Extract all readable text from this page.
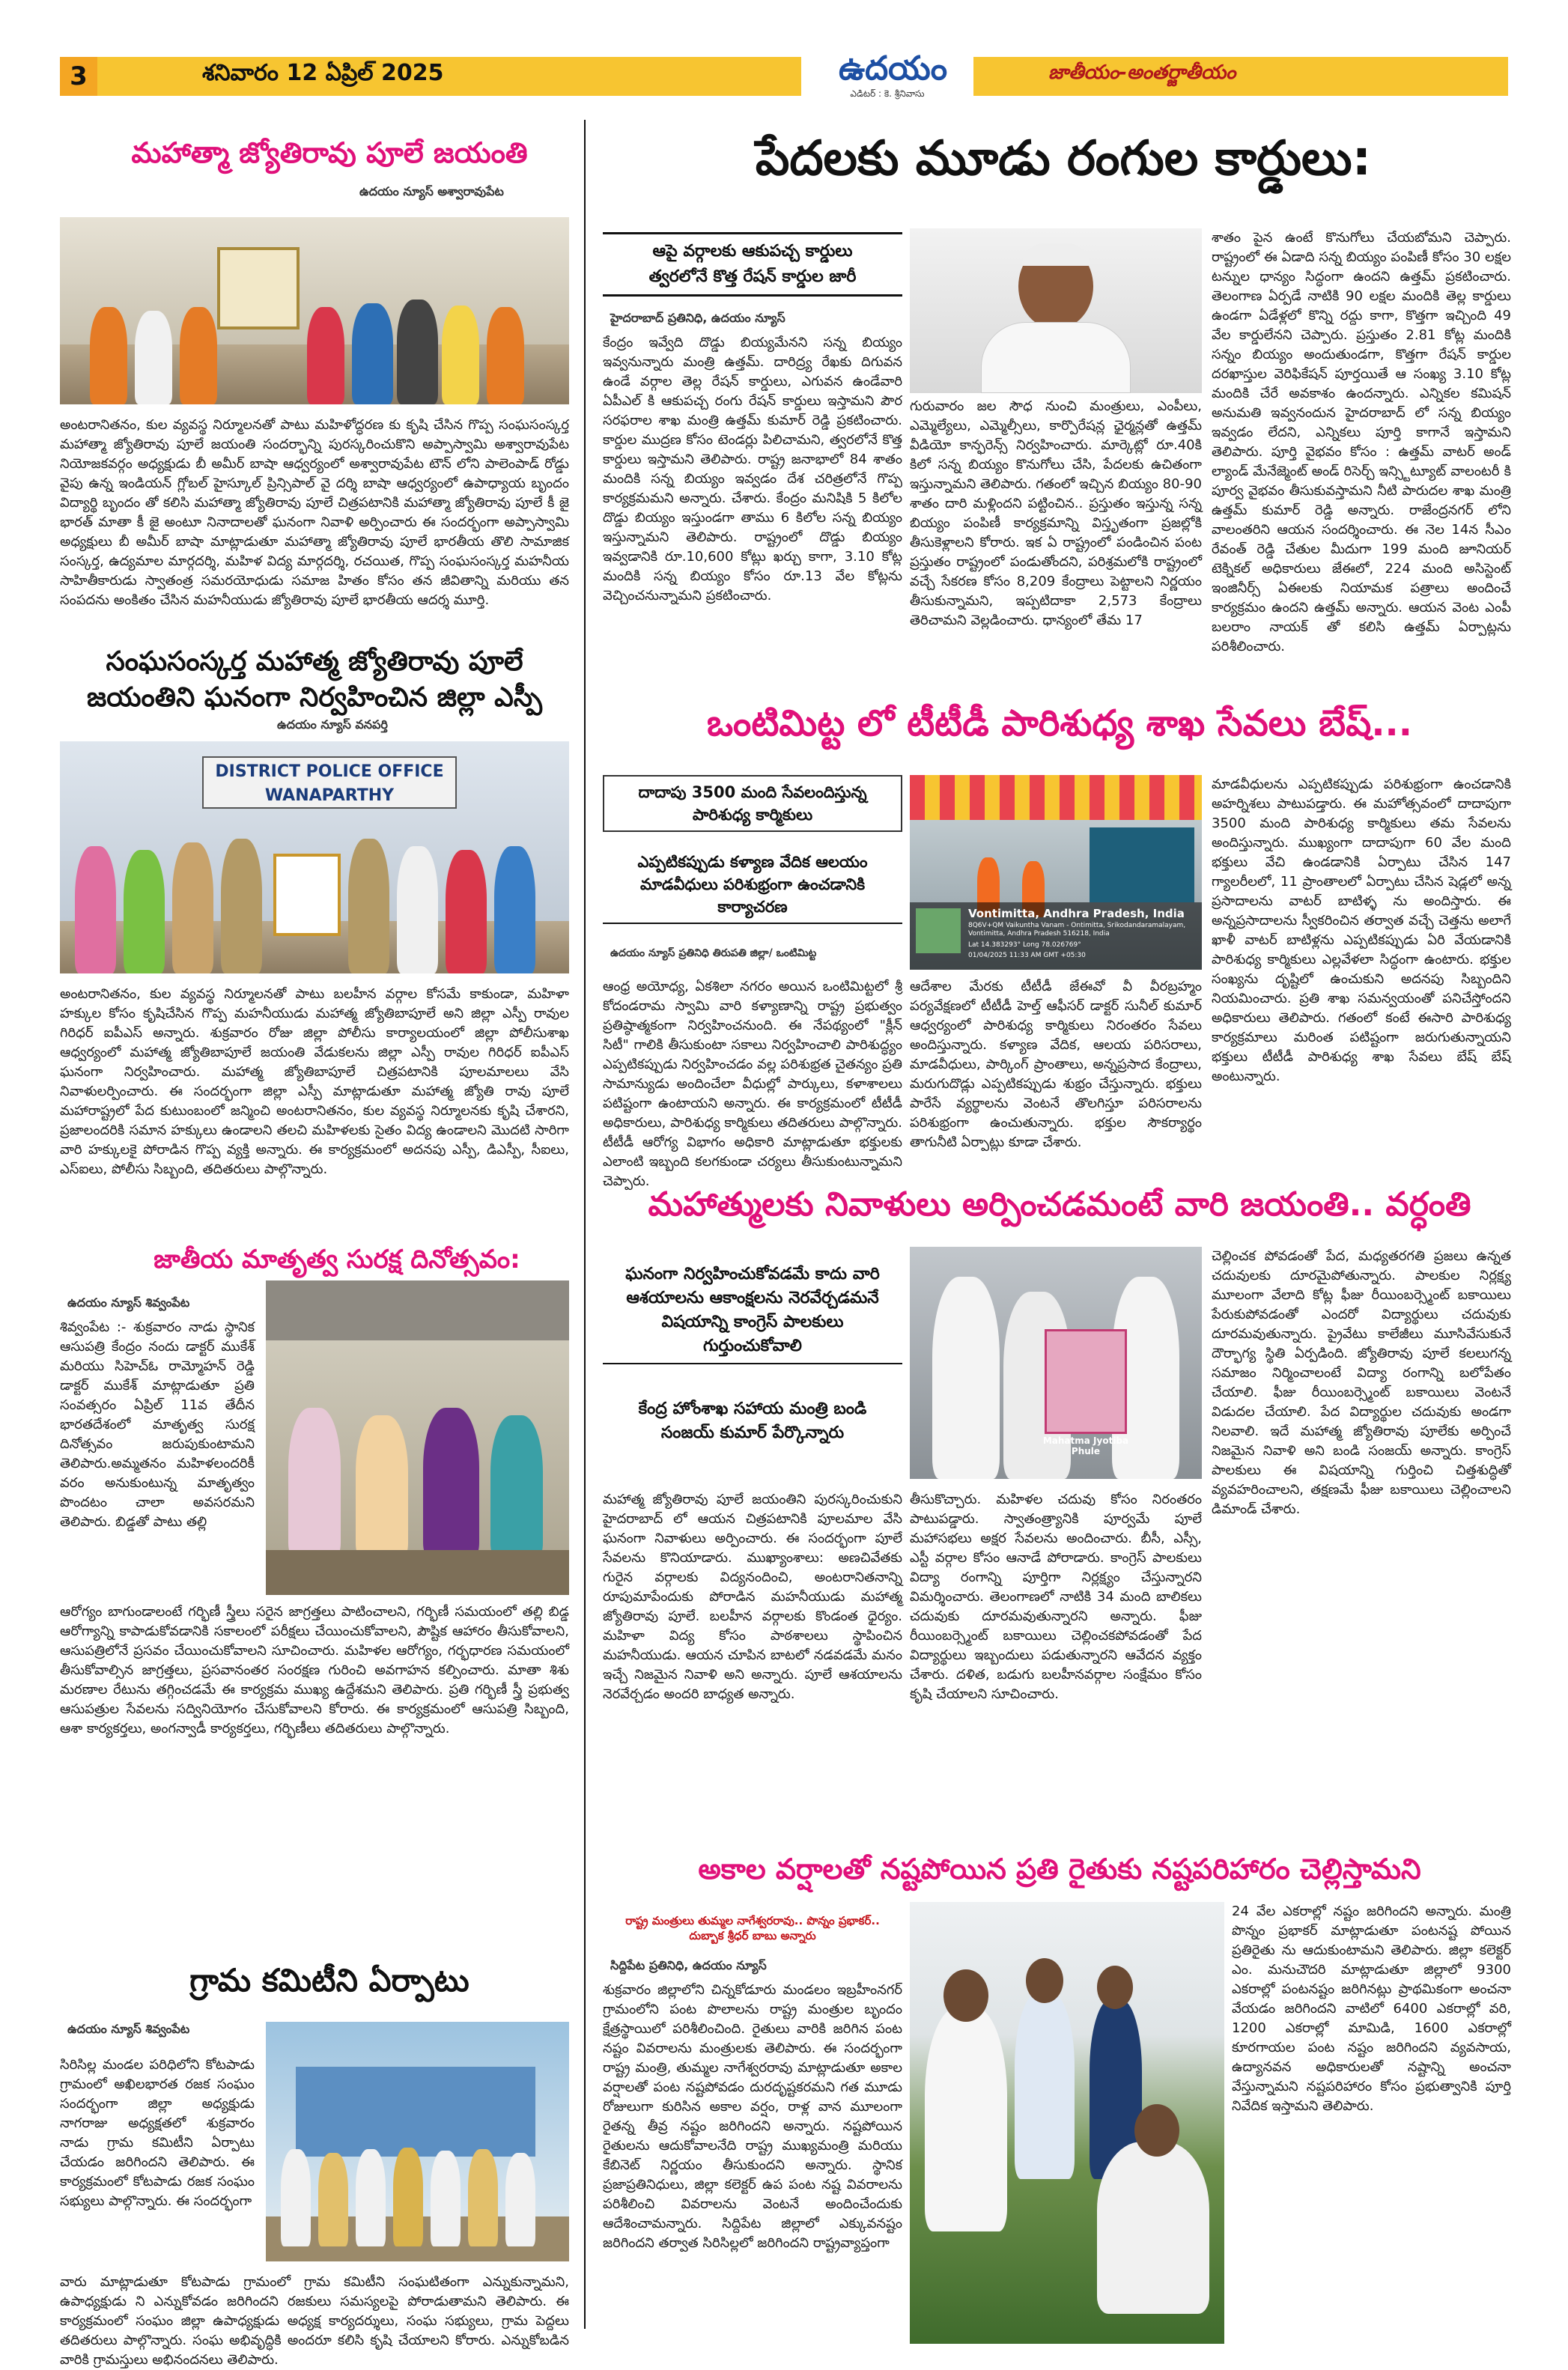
3	శనివారం 12 ఏప్రిల్ 2025	ఉదయం
ఎడిటర్ : కె. శ్రీనివాసు
జాతీయం-అంతర్జాతీయం
మహాత్మా జ్యోతిరావు పూలే జయంతి
ఉదయం న్యూస్ అశ్వారావుపేట
అంటరానితనం, కుల వ్యవస్థ నిర్మూలనతో పాటు మహిళోద్ధరణ కు కృషి చేసిన గొప్ప సంఘసంస్కర్త మహాత్మా జ్యోతిరావు పూలే జయంతి సందర్భాన్ని పురస్కరించుకొని అప్పాస్వామి అశ్వారావుపేట నియోజకవర్గం అధ్యక్షుడు బీ అమీర్ బాషా ఆధ్వర్యంలో అశ్వారావుపేట టౌన్ లోని పాలెంపాడ్ రోడ్డు వైపు ఉన్న ఇండియన్ గ్లోబల్ హైస్కూల్ ప్రిన్సిపాల్ వై దర్శి బాషా ఆధ్వర్యంలో ఉపాధ్యాయ బృందం విద్యార్థి బృందం తో కలిసి మహాత్మా జ్యోతిరావు పూలే చిత్రపటానికి మహాత్మా జ్యోతిరావు పూలే కీ జై భారత్ మాతా కీ జై అంటూ నినాదాలతో ఘనంగా నివాళి అర్పించారు ఈ సందర్భంగా అప్పాస్వామి అధ్యక్షులు బీ అమీర్ బాషా మాట్లాడుతూ మహాత్మా జ్యోతిరావు పూలే భారతీయ తొలి సామాజిక సంస్కర్త, ఉద్యమాల మార్గదర్శి, మహిళ విద్య మార్గదర్శి, రచయిత, గొప్ప సంఘసంస్కర్త మహనీయ సాహితీకారుడు స్వాతంత్ర సమరయోధుడు సమాజ హితం కోసం తన జీవితాన్ని మరియు తన సంపదను అంకితం చేసిన మహనీయుడు జ్యోతిరావు పూలే భారతీయ ఆదర్శ మూర్తి.
సంఘసంస్కర్త మహాత్మ జ్యోతిరావు పూలే జయంతిని ఘనంగా నిర్వహించిన జిల్లా ఎస్పీ
ఉదయం న్యూస్ వనపర్తి
DISTRICT POLICE OFFICE WANAPARTHY
అంటరానితనం, కుల వ్యవస్థ నిర్మూలనతో పాటు బలహీన వర్గాల కోసమే కాకుండా, మహిళా హక్కుల కోసం కృషిచేసిన గొప్ప మహనీయుడు మహాత్మ జ్యోతిబాపూలే అని జిల్లా ఎస్పీ రావుల గిరిధర్ ఐపీఎస్ అన్నారు. శుక్రవారం రోజు జిల్లా పోలీసు కార్యాలయంలో జిల్లా పోలీసుశాఖ ఆధ్వర్యంలో మహాత్మ జ్యోతిబాపూలే జయంతి వేడుకలను జిల్లా ఎస్పీ రావుల గిరిధర్ ఐపీఎస్ ఘనంగా నిర్వహించారు. మహాత్మ జ్యోతిబాపూలే చిత్రపటానికి పూలమాలలు వేసి నివాళులర్పించారు. ఈ సందర్భంగా జిల్లా ఎస్పీ మాట్లాడుతూ మహాత్మ జ్యోతి రావు పూలే మహారాష్ట్రలో పేద కుటుంబంలో జన్మించి అంటరానితనం, కుల వ్యవస్థ నిర్మూలనకు కృషి చేశారని, ప్రజాలందరికి సమాన హక్కులు ఉండాలని తలచి మహిళలకు సైతం విద్య ఉండాలని మొదటి సారిగా వారి హక్కులకై పోరాడిన గొప్ప వ్యక్తి అన్నారు. ఈ కార్యక్రమంలో అదనపు ఎస్పీ, డిఎస్పీ, సీఐలు, ఎస్ఐలు, పోలీసు సిబ్బంది, తదితరులు పాల్గొన్నారు.
జాతీయ మాతృత్వ సురక్ష దినోత్సవం:
ఉదయం న్యూస్ శివ్వంపేట
శివ్వంపేట :- శుక్రవారం నాడు స్థానిక ఆసుపత్రి కేంద్రం నందు డాక్టర్ ముకేశ్ మరియు సిహెచ్ఓ రామ్మోహన్ రెడ్డి డాక్టర్ ముకేశ్ మాట్లాడుతూ ప్రతి సంవత్సరం ఏప్రిల్ 11వ తేదీన భారతదేశంలో మాతృత్వ సురక్ష దినోత్సవం జరుపుకుంటామని తెలిపారు.అమ్మతనం మహిళలందరికీ వరం అనుకుంటున్న మాతృత్వం పొందటం చాలా అవసరమని తెలిపారు. బిడ్డతో పాటు తల్లి
ఆరోగ్యం బాగుండాలంటే గర్భిణీ స్త్రీలు సరైన జాగ్రత్తలు పాటించాలని, గర్భిణీ సమయంలో తల్లి బిడ్డ ఆరోగ్యాన్ని కాపాడుకోవడానికి సకాలంలో పరీక్షలు చేయించుకోవాలని, పౌష్టిక ఆహారం తీసుకోవాలని, ఆసుపత్రిలోనే ప్రసవం చేయించుకోవాలని సూచించారు. మహిళల ఆరోగ్యం, గర్భధారణ సమయంలో తీసుకోవాల్సిన జాగ్రత్తలు, ప్రసవానంతర సంరక్షణ గురించి అవగాహన కల్పించారు. మాతా శిశు మరణాల రేటును తగ్గించడమే ఈ కార్యక్రమ ముఖ్య ఉద్దేశమని తెలిపారు. ప్రతి గర్భిణీ స్త్రీ ప్రభుత్వ ఆసుపత్రుల సేవలను సద్వినియోగం చేసుకోవాలని కోరారు. ఈ కార్యక్రమంలో ఆసుపత్రి సిబ్బంది, ఆశా కార్యకర్తలు, అంగన్వాడీ కార్యకర్తలు, గర్భిణీలు తదితరులు పాల్గొన్నారు.
గ్రామ కమిటీని ఏర్పాటు
ఉదయం న్యూస్ శివ్వంపేట
సిరిసిల్ల మండల పరిధిలోని కోటపాడు గ్రామంలో అఖిలభారత రజక సంఘం సందర్భంగా జిల్లా అధ్యక్షుడు నాగరాజు అధ్యక్షతలో శుక్రవారం నాడు గ్రామ కమిటీని ఏర్పాటు చేయడం జరిగిందని తెలిపారు. ఈ కార్యక్రమంలో కోటపాడు రజక సంఘం సభ్యులు పాల్గొన్నారు. ఈ సందర్భంగా
వారు మాట్లాడుతూ కోటపాడు గ్రామంలో గ్రామ కమిటీని సంఘటితంగా ఎన్నుకున్నామని, ఉపాధ్యక్షుడు ని ఎన్నుకోవడం జరిగిందని రజకులు సమస్యలపై పోరాడుతామని తెలిపారు. ఈ కార్యక్రమంలో సంఘం జిల్లా ఉపాధ్యక్షుడు అధ్యక్ష కార్యదర్శులు, సంఘ సభ్యులు, గ్రామ పెద్దలు తదితరులు పాల్గొన్నారు. సంఘ అభివృద్ధికి అందరూ కలిసి కృషి చేయాలని కోరారు. ఎన్నుకోబడిన వారికి గ్రామస్తులు అభినందనలు తెలిపారు.
పేదలకు మూడు రంగుల కార్డులు:
ఆపై వర్గాలకు ఆకుపచ్చ కార్డులు
త్వరలోనే కొత్త రేషన్ కార్డుల జారీ
హైదరాబాద్ ప్రతినిధి, ఉదయం న్యూస్
కేంద్రం ఇవ్వేది దొడ్డు బియ్యమేనని సన్న బియ్యం ఇవ్వనున్నారు మంత్రి ఉత్తమ్. దారిద్ర్య రేఖకు దిగువన ఉండే వర్గాల తెల్ల రేషన్ కార్డులు, ఎగువన ఉండేవారి ఏపీఎల్ కి ఆకుపచ్చ రంగు రేషన్ కార్డులు ఇస్తామని పౌర సరఫరాల శాఖ మంత్రి ఉత్తమ్ కుమార్ రెడ్డి ప్రకటించారు. కార్డుల ముద్రణ కోసం టెండర్లు పిలిచామని, త్వరలోనే కొత్త కార్డులు ఇస్తామని తెలిపారు. రాష్ట్ర జనాభాలో 84 శాతం మందికి సన్న బియ్యం ఇవ్వడం దేశ చరిత్రలోనే గొప్ప కార్యక్రమమని అన్నారు. చేశారు. కేంద్రం మనిషికి 5 కిలోల దొడ్డు బియ్యం ఇస్తుండగా తాము 6 కిలోల సన్న బియ్యం ఇస్తున్నామని తెలిపారు. రాష్ట్రంలో దొడ్డు బియ్యం ఇవ్వడానికి రూ.10,600 కోట్లు ఖర్చు కాగా, 3.10 కోట్ల మందికి సన్న బియ్యం కోసం రూ.13 వేల కోట్లను వెచ్చించనున్నామని ప్రకటించారు.
గురువారం జల సౌధ నుంచి మంత్రులు, ఎంపీలు, ఎమ్మెల్యేలు, ఎమ్మెల్సీలు, కార్పొరేషన్ల ఛైర్మన్లతో ఉత్తమ్ వీడియో కాన్ఫరెన్స్ నిర్వహించారు. మార్కెట్లో రూ.40కి కిలో సన్న బియ్యం కొనుగోలు చేసి, పేదలకు ఉచితంగా ఇస్తున్నామని తెలిపారు. గతంలో ఇచ్చిన బియ్యం 80-90 శాతం దారి మళ్లిందని పట్టించిన.. ప్రస్తుతం ఇస్తున్న సన్న బియ్యం పంపిణీ కార్యక్రమాన్ని విస్తృతంగా ప్రజల్లోకి తీసుకెళ్లాలని కోరారు. ఇక ఏ రాష్ట్రంలో పండించిన పంట ప్రస్తుతం రాష్ట్రంలో పండుతోందని, పరిశ్రమలోకి రాష్ట్రంలో వచ్చే సేకరణ కోసం 8,209 కేంద్రాలు పెట్టాలని నిర్ణయం తీసుకున్నామని, ఇప్పటిదాకా 2,573 కేంద్రాలు తెరిచామని వెల్లడించారు. ధాన్యంలో తేమ 17
శాతం పైన ఉంటే కొనుగోలు చేయబోమని చెప్పారు. రాష్ట్రంలో ఈ ఏడాది సన్న బియ్యం పంపిణీ కోసం 30 లక్షల టన్నుల ధాన్యం సిద్ధంగా ఉందని ఉత్తమ్ ప్రకటించారు. తెలంగాణ ఏర్పడే నాటికి 90 లక్షల మందికి తెల్ల కార్డులు ఉండగా ఏడేళ్లలో కొన్ని రద్దు కాగా, కొత్తగా ఇచ్చింది 49 వేల కార్డులేనని చెప్పారు. ప్రస్తుతం 2.81 కోట్ల మందికి సన్నం బియ్యం అందుతుండగా, కొత్తగా రేషన్ కార్డుల దరఖాస్తుల వెరిఫికేషన్ పూర్తయితే ఆ సంఖ్య 3.10 కోట్ల మందికి చేరే అవకాశం ఉందన్నారు. ఎన్నికల కమిషన్ అనుమతి ఇవ్వనందున హైదరాబాద్ లో సన్న బియ్యం ఇవ్వడం లేదని, ఎన్నికలు పూర్తి కాగానే ఇస్తామని తెలిపారు. పూర్తి వైభవం కోసం : ఉత్తమ్ వాటర్ అండ్ ల్యాండ్ మేనేజ్మెంట్ అండ్ రిసెర్చ్ ఇన్స్టిట్యూట్ వాలంటరీ కి పూర్వ వైభవం తీసుకువస్తామని నీటి పారుదల శాఖ మంత్రి ఉత్తమ్ కుమార్ రెడ్డి అన్నారు. రాజేంద్రనగర్ లోని వాలంతరిని ఆయన సందర్శించారు. ఈ నెల 14న సీఎం రేవంత్ రెడ్డి చేతుల మీదుగా 199 మంది జూనియర్ టెక్నికల్ అధికారులు జేఈలో, 224 మంది అసిస్టెంట్ ఇంజినీర్స్ ఏఈలకు నియామక పత్రాలు అందించే కార్యక్రమం ఉందని ఉత్తమ్ అన్నారు. ఆయన వెంట ఎంపీ బలరాం నాయక్ తో కలిసి ఉత్తమ్ ఏర్పాట్లను పరిశీలించారు.
ఒంటిమిట్ట లో టీటీడీ పారిశుధ్య శాఖ సేవలు బేష్...
దాదాపు 3500 మంది సేవలందిస్తున్న పారిశుధ్య కార్మికులు
ఎప్పటికప్పుడు కళ్యాణ వేదిక ఆలయం మాడవీధులు పరిశుభ్రంగా ఉంచడానికి కార్యాచరణ
ఉదయం న్యూస్ ప్రతినిధి తిరుపతి జిల్లా/ ఒంటిమిట్ట
Vontimitta, Andhra Pradesh, India
8Q6V+QM Vaikuntha Vanam - Ontimitta, Srikodandaramalayam, Vontimitta, Andhra Pradesh 516218, India
Lat 14.383293° Long 78.026769°
01/04/2025 11:33 AM GMT +05:30
ఆంధ్ర అయోధ్య, ఏకశిలా నగరం అయిన ఒంటిమిట్టలో శ్రీ కోదండరామ స్వామి వారి కళ్యాణాన్ని రాష్ట్ర ప్రభుత్వం ప్రతిష్ఠాత్మకంగా నిర్వహించనుంది. ఈ నేపథ్యంలో "క్లీన్ సిటీ" గాలికి తీసుకుంటా సకాలు నిర్వహించాలి పారిశుద్ధ్యం ఎప్పటికప్పుడు నిర్వహించడం వల్ల పరిశుభ్రత చైతన్యం ప్రతి సామాన్యుడు అందించేలా వీధుల్లో పార్కులు, కళాశాలలు పటిష్టంగా ఉంటాయని అన్నారు. ఈ కార్యక్రమంలో టీటీడీ అధికారులు, పారిశుధ్య కార్మికులు తదితరులు పాల్గొన్నారు. టీటీడీ ఆరోగ్య విభాగం అధికారి మాట్లాడుతూ భక్తులకు ఎలాంటి ఇబ్బంది కలగకుండా చర్యలు తీసుకుంటున్నామని చెప్పారు.
ఆదేశాల మేరకు టీటీడీ జేఈవో వీ వీరబ్రహ్మం పర్యవేక్షణలో టీటీడీ హెల్త్ ఆఫీసర్ డాక్టర్ సునీల్ కుమార్ ఆధ్వర్యంలో పారిశుధ్య కార్మికులు నిరంతరం సేవలు అందిస్తున్నారు. కళ్యాణ వేదిక, ఆలయ పరిసరాలు, మాడవీధులు, పార్కింగ్ ప్రాంతాలు, అన్నప్రసాద కేంద్రాలు, మరుగుదొడ్లు ఎప్పటికప్పుడు శుభ్రం చేస్తున్నారు. భక్తులు పారేసే వ్యర్థాలను వెంటనే తొలగిస్తూ పరిసరాలను పరిశుభ్రంగా ఉంచుతున్నారు. భక్తుల సౌకర్యార్థం తాగునీటి ఏర్పాట్లు కూడా చేశారు.
మాడవీధులను ఎప్పటికప్పుడు పరిశుభ్రంగా ఉంచడానికి అహర్నిశలు పాటుపడ్తారు. ఈ మహోత్సవంలో దాదాపుగా 3500 మంది పారిశుధ్య కార్మికులు తమ సేవలను అందిస్తున్నారు. ముఖ్యంగా దాదాపుగా 60 వేల మంది భక్తులు వేచి ఉండడానికి ఏర్పాటు చేసిన 147 గ్యాలరీలలో, 11 ప్రాంతాలలో ఏర్పాటు చేసిన షెడ్లలో అన్న ప్రసాదాలను వాటర్ బాటిళ్ళ ను అందిస్తారు. ఈ అన్నప్రసాదాలను స్వీకరించిన తర్వాత వచ్చే చెత్తను అలాగే ఖాళీ వాటర్ బాటిళ్లను ఎప్పటికప్పుడు ఏరి వేయడానికి పారిశుధ్య కార్మికులు ఎల్లవేళలా సిద్ధంగా ఉంటారు. భక్తుల సంఖ్యను దృష్టిలో ఉంచుకుని అదనపు సిబ్బందిని నియమించారు. ప్రతి శాఖ సమన్వయంతో పనిచేస్తోందని అధికారులు తెలిపారు. గతంలో కంటే ఈసారి పారిశుధ్య కార్యక్రమాలు మరింత పటిష్టంగా జరుగుతున్నాయని భక్తులు టీటీడీ పారిశుధ్య శాఖ సేవలు బేష్ బేష్ అంటున్నారు.
మహాత్ములకు నివాళులు అర్పించడమంటే వారి జయంతి.. వర్ధంతి
ఘనంగా నిర్వహించుకోవడమే కాదు వారి ఆశయాలను ఆకాంక్షలను నెరవేర్చడమనే విషయాన్ని కాంగ్రెస్ పాలకులు గుర్తుంచుకోవాలి
కేంద్ర హోంశాఖ సహాయ మంత్రి బండి సంజయ్ కుమార్ పేర్కొన్నారు	Mahatma Jyotiba Phule
మహాత్మ జ్యోతిరావు పూలే జయంతిని పురస్కరించుకుని హైదరాబాద్ లో ఆయన చిత్రపటానికి పూలమాల వేసి ఘనంగా నివాళులు అర్పించారు. ఈ సందర్భంగా పూలే సేవలను కొనియాడారు. ముఖ్యాంశాలు: అణచివేతకు గురైన వర్గాలకు విద్యనందించి, అంటరానితనాన్ని రూపుమాపేందుకు పోరాడిన మహనీయుడు మహాత్మ జ్యోతిరావు పూలే. బలహీన వర్గాలకు కొండంత ధైర్యం. మహిళా విద్య కోసం పాఠశాలలు స్థాపించిన మహనీయుడు. ఆయన చూపిన బాటలో నడవడమే మనం ఇచ్చే నిజమైన నివాళి అని అన్నారు. పూలే ఆశయాలను నెరవేర్చడం అందరి బాధ్యత అన్నారు.
తీసుకొచ్చారు. మహిళల చదువు కోసం నిరంతరం పాటుపడ్డారు. స్వాతంత్ర్యానికి పూర్వమే పూలే మహాసభలు అక్షర సేవలను అందించారు. బీసీ, ఎస్సీ, ఎస్టీ వర్గాల కోసం ఆనాడే పోరాడారు. కాంగ్రెస్ పాలకులు విద్యా రంగాన్ని పూర్తిగా నిర్లక్ష్యం చేస్తున్నారని విమర్శించారు. తెలంగాణలో నాటికి 34 మంది బాలికలు చదువుకు దూరమవుతున్నారని అన్నారు. ఫీజు రీయింబర్స్మెంట్ బకాయిలు చెల్లించకపోవడంతో పేద విద్యార్థులు ఇబ్బందులు పడుతున్నారని ఆవేదన వ్యక్తం చేశారు. దళిత, బడుగు బలహీనవర్గాల సంక్షేమం కోసం కృషి చేయాలని సూచించారు.
చెల్లించక పోవడంతో పేద, మధ్యతరగతి ప్రజలు ఉన్నత చదువులకు దూరమైపోతున్నారు. పాలకుల నిర్లక్ష్య మూలంగా వేలాది కోట్ల ఫీజు రీయింబర్స్మెంట్ బకాయిలు పేరుకుపోవడంతో ఎందరో విద్యార్థులు చదువుకు దూరమవుతున్నారు. ప్రైవేటు కాలేజీలు మూసివేసుకునే దౌర్భాగ్య స్థితి ఏర్పడింది. జ్యోతిరావు పూలే కలలుగన్న సమాజం నిర్మించాలంటే విద్యా రంగాన్ని బలోపేతం చేయాలి. ఫీజు రీయింబర్స్మెంట్ బకాయిలు వెంటనే విడుదల చేయాలి. పేద విద్యార్థుల చదువుకు అండగా నిలవాలి. ఇదే మహాత్మ జ్యోతిరావు పూలేకు అర్పించే నిజమైన నివాళి అని బండి సంజయ్ అన్నారు. కాంగ్రెస్ పాలకులు ఈ విషయాన్ని గుర్తించి చిత్తశుద్ధితో వ్యవహరించాలని, తక్షణమే ఫీజు బకాయిలు చెల్లించాలని డిమాండ్ చేశారు.
అకాల వర్షాలతో నష్టపోయిన ప్రతి రైతుకు నష్టపరిహారం చెల్లిస్తామని
రాష్ట్ర మంత్రులు తుమ్మల నాగేశ్వరరావు.. పొన్నం ప్రభాకర్..
దుబ్బాక శ్రీధర్ బాబు అన్నారు
సిద్దిపేట ప్రతినిధి, ఉదయం న్యూస్
శుక్రవారం జిల్లాలోని చిన్నకోడూరు మండలం ఇబ్రహీంనగర్ గ్రామంలోని పంట పొలాలను రాష్ట్ర మంత్రుల బృందం క్షేత్రస్థాయిలో పరిశీలించింది. రైతులు వారికి జరిగిన పంట నష్టం వివరాలను మంత్రులకు తెలిపారు. ఈ సందర్భంగా రాష్ట్ర మంత్రి, తుమ్మల నాగేశ్వరరావు మాట్లాడుతూ అకాల వర్షాలతో పంట నష్టపోవడం దురదృష్టకరమని గత మూడు రోజులుగా కురిసిన అకాల వర్షం, రాళ్ల వాన మూలంగా రైతన్న తీవ్ర నష్టం జరిగిందని అన్నారు. నష్టపోయిన రైతులను ఆదుకోవాలనేది రాష్ట్ర ముఖ్యమంత్రి మరియు కేబినెట్ నిర్ణయం తీసుకుందని అన్నారు. స్థానిక ప్రజాప్రతినిధులు, జిల్లా కలెక్టర్ ఉప పంట నష్ట వివరాలను పరిశీలించి వివరాలను వెంటనే అందించేందుకు ఆదేశించామన్నారు. సిద్దిపేట జిల్లాలో ఎక్కువనష్టం జరిగిందని తర్వాత సిరిసిల్లలో జరిగిందని రాష్ట్రవ్యాప్తంగా
24 వేల ఎకరాల్లో నష్టం జరిగిందని అన్నారు. మంత్రి పొన్నం ప్రభాకర్ మాట్లాడుతూ పంటనష్ట పోయిన ప్రతిరైతు ను ఆదుకుంటామని తెలిపారు. జిల్లా కలెక్టర్ ఎం. మనుచౌదరి మాట్లాడుతూ జిల్లాలో 9300 ఎకరాల్లో పంటనష్టం జరిగినట్లు ప్రాథమికంగా అంచనా వేయడం జరిగిందని వాటిలో 6400 ఎకరాల్లో వరి, 1200 ఎకరాల్లో మామిడి, 1600 ఎకరాల్లో కూరగాయల పంట నష్టం జరిగిందని వ్యవసాయ, ఉద్యానవన అధికారులతో నష్టాన్ని అంచనా వేస్తున్నామని నష్టపరిహారం కోసం ప్రభుత్వానికి పూర్తి నివేదిక ఇస్తామని తెలిపారు.
